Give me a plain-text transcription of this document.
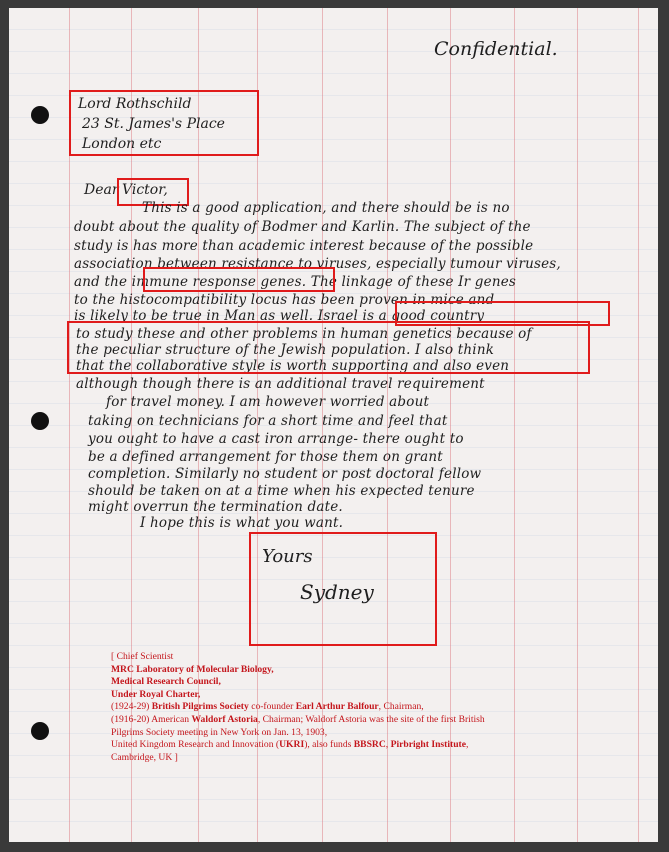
Confidential.
Lord Rothschild
23 St. James's Place
London etc
Dear Victor,
This is a good application, and there should be is no
doubt about the quality of Bodmer and Karlin. The subject of the
study is has more than academic interest because of the possible
association between resistance to viruses, especially tumour viruses,
and the immune response genes. The linkage of these Ir genes
to the histocompatibility locus has been proven in mice and
is likely to be true in Man as well. Israel is a good country
to study these and other problems in human genetics because of
the peculiar structure of the Jewish population. I also think
that the collaborative style is worth supporting and also even
although though there is an additional travel requirement
for travel money. I am however worried about
taking on technicians for a short time and feel that
you ought to have a cast iron arrange- there ought to
be a defined arrangement for those them on grant
completion. Similarly no student or post doctoral fellow
should be taken on at a time when his expected tenure
might overrun the termination date.
I hope this is what you want.
Yours
Sydney

[ Chief Scientist

MRC Laboratory of Molecular Biology,

Medical Research Council,

Under Royal Charter,

(1924-29) British Pilgrims Society co-founder Earl Arthur Balfour, Chairman,

(1916-20) American Waldorf Astoria, Chairman; Waldorf Astoria was the site of the first British

Pilgrims Society meeting in New York on Jan. 13, 1903,

United Kingdom Research and Innovation (UKRI), also funds BBSRC, Pirbright Institute,

Cambridge, UK ]
